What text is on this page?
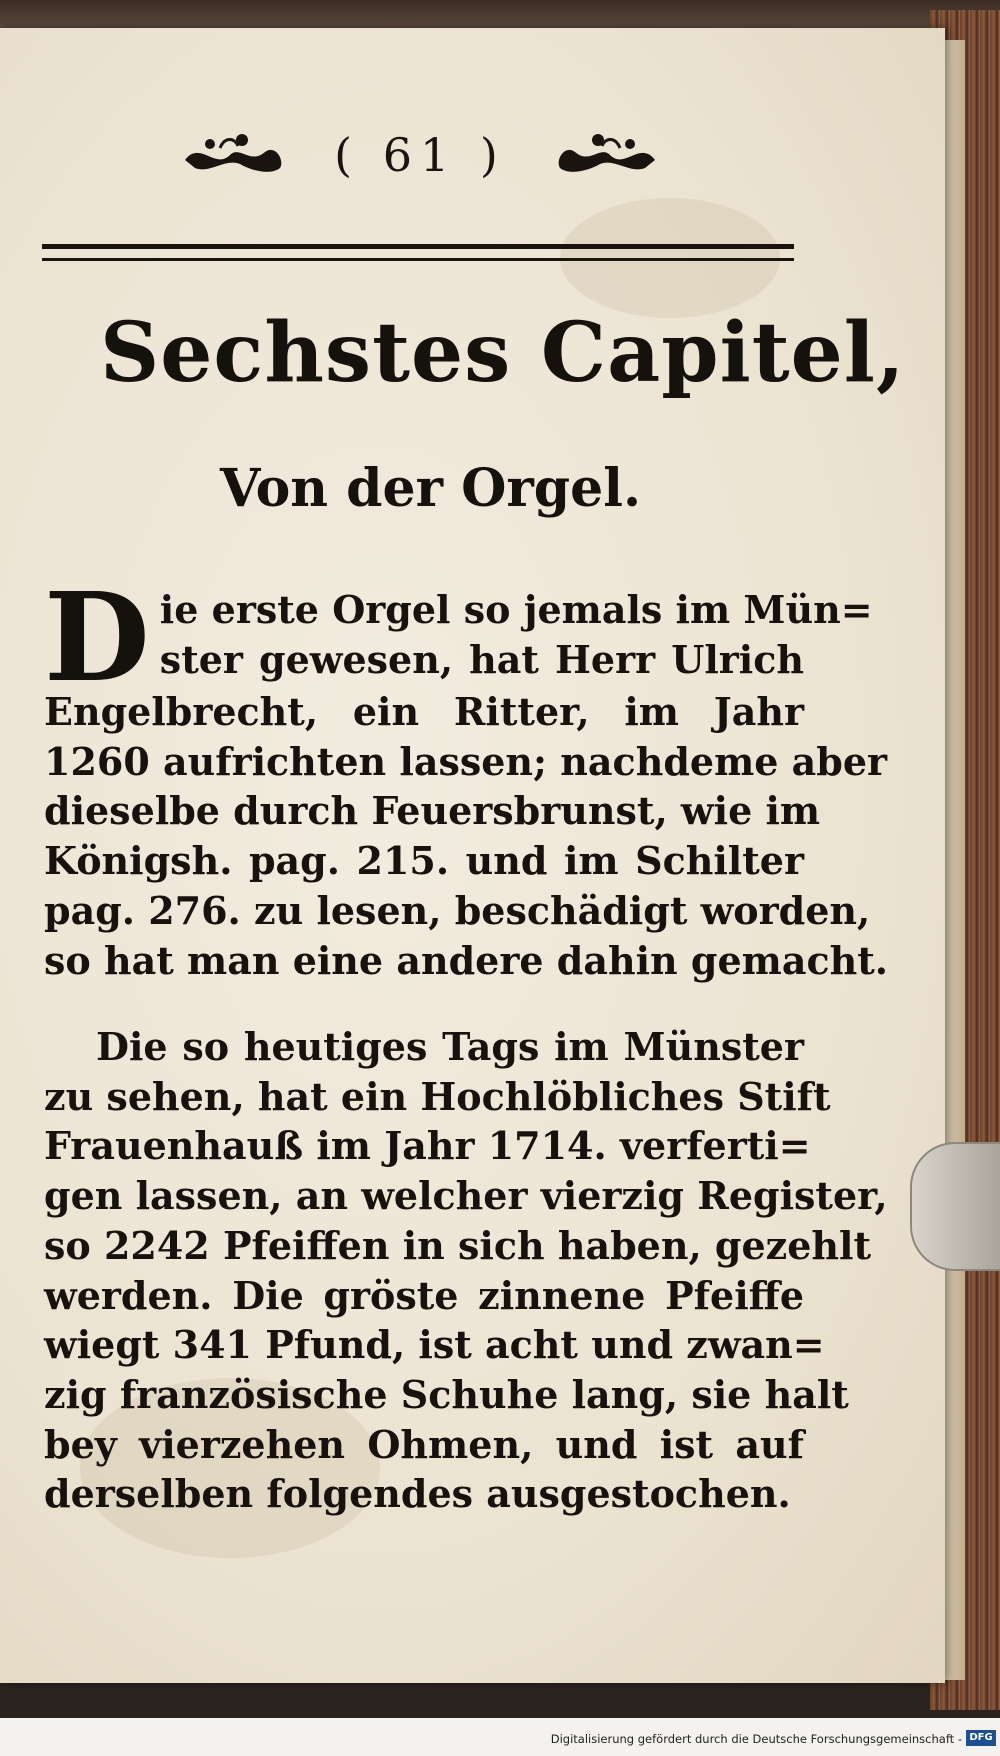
( 61 )
Sechstes Capitel,
Von der Orgel.
D ie erste Orgel so jemals im Mün=
ster gewesen, hat Herr Ulrich
Engelbrecht, ein Ritter, im Jahr
1260 aufrichten lassen; nachdeme aber
dieselbe durch Feuersbrunst, wie im
Königsh. pag. 215. und im Schilter
pag. 276. zu lesen, beschädigt worden,
so hat man eine andere dahin gemacht.
Die so heutiges Tags im Münster
zu sehen, hat ein Hochlöbliches Stift
Frauenhauß im Jahr 1714. verferti=
gen lassen, an welcher vierzig Register,
so 2242 Pfeiffen in sich haben, gezehlt
werden. Die gröste zinnene Pfeiffe
wiegt 341 Pfund, ist acht und zwan=
zig französische Schuhe lang, sie halt
bey vierzehen Ohmen, und ist auf
derselben folgendes ausgestochen.
Digitalisierung gefördert durch die Deutsche Forschungsgemeinschaft - DFG
